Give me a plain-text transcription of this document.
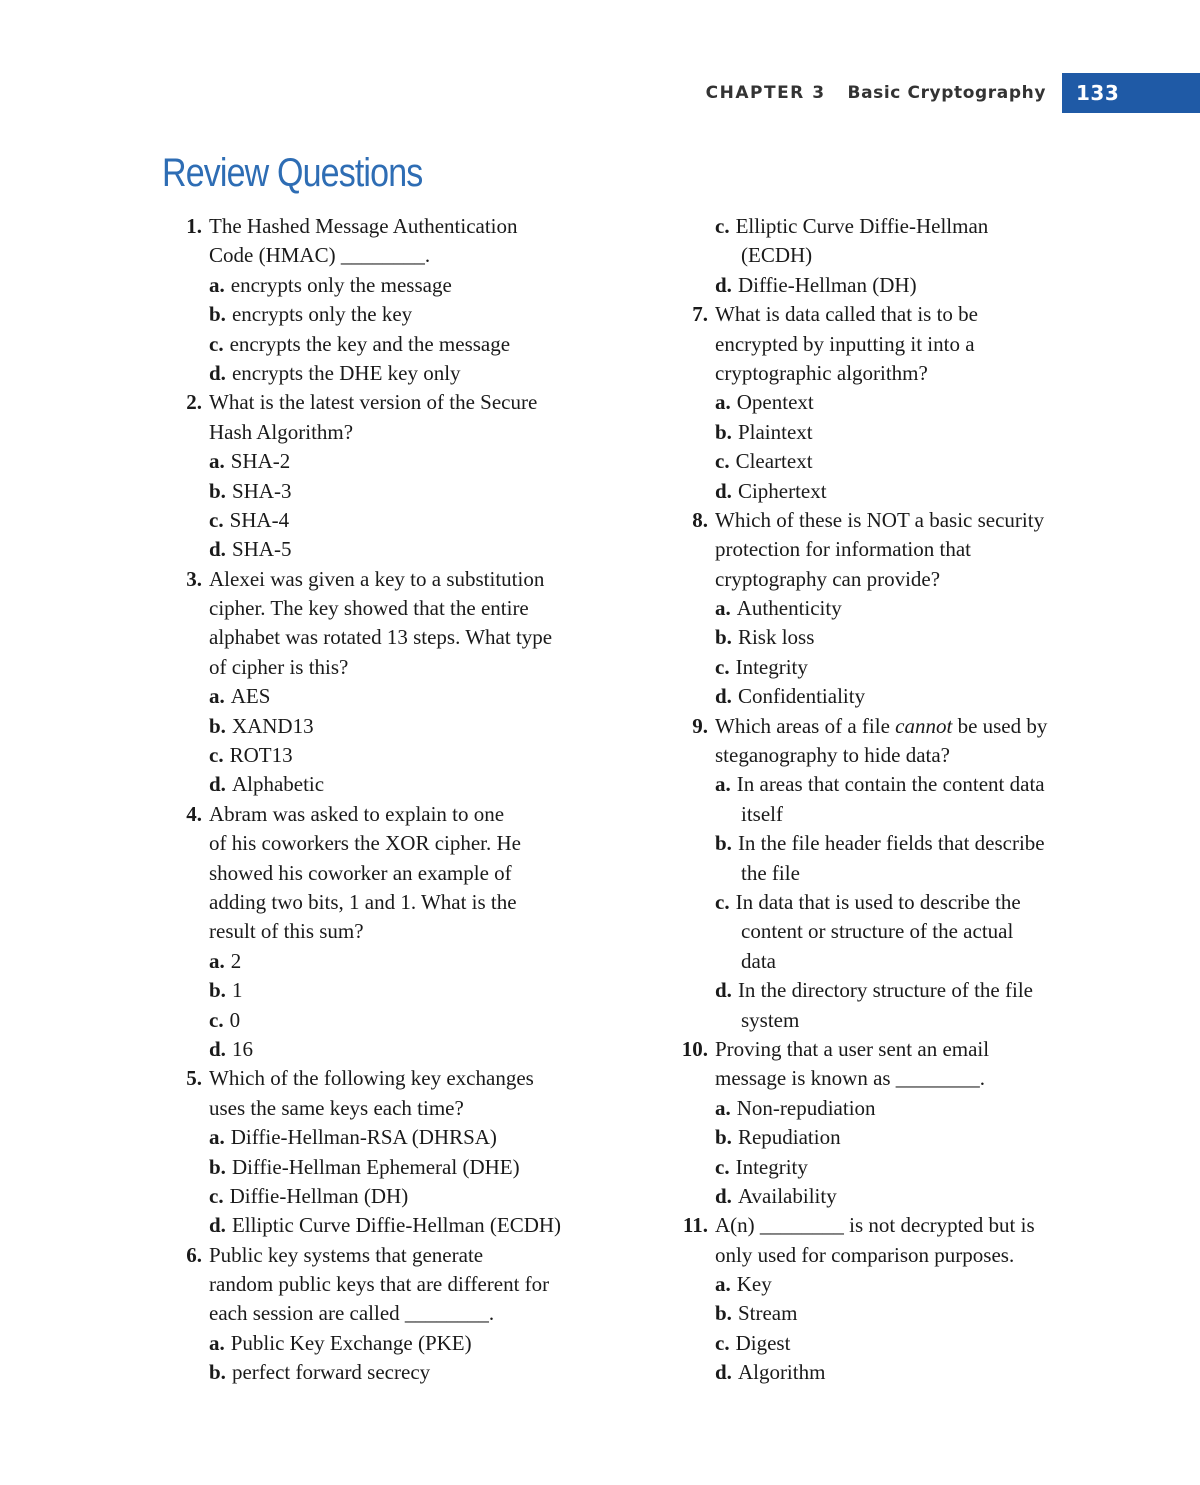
CHAPTER 3 Basic Cryptography	133
Review Questions
1. The Hashed Message Authentication
Code (HMAC) ________.
a. encrypts only the message
b. encrypts only the key
c. encrypts the key and the message
d. encrypts the DHE key only
2. What is the latest version of the Secure
Hash Algorithm?
a. SHA-2
b. SHA-3
c. SHA-4
d. SHA-5
3. Alexei was given a key to a substitution
cipher. The key showed that the entire
alphabet was rotated 13 steps. What type
of cipher is this?
a. AES
b. XAND13
c. ROT13
d. Alphabetic
4. Abram was asked to explain to one
of his coworkers the XOR cipher. He
showed his coworker an example of
adding two bits, 1 and 1. What is the
result of this sum?
a. 2
b. 1
c. 0
d. 16
5. Which of the following key exchanges
uses the same keys each time?
a. Diffie-Hellman-RSA (DHRSA)
b. Diffie-Hellman Ephemeral (DHE)
c. Diffie-Hellman (DH)
d. Elliptic Curve Diffie-Hellman (ECDH)
6. Public key systems that generate
random public keys that are different for
each session are called ________.
a. Public Key Exchange (PKE)
b. perfect forward secrecy
c. Elliptic Curve Diffie-Hellman
(ECDH)
d. Diffie-Hellman (DH)
7. What is data called that is to be
encrypted by inputting it into a
cryptographic algorithm?
a. Opentext
b. Plaintext
c. Cleartext
d. Ciphertext
8. Which of these is NOT a basic security
protection for information that
cryptography can provide?
a. Authenticity
b. Risk loss
c. Integrity
d. Confidentiality
9. Which areas of a file cannot be used by
steganography to hide data?
a. In areas that contain the content data
itself
b. In the file header fields that describe
the file
c. In data that is used to describe the
content or structure of the actual
data
d. In the directory structure of the file
system
10. Proving that a user sent an email
message is known as ________.
a. Non-repudiation
b. Repudiation
c. Integrity
d. Availability
11. A(n) ________ is not decrypted but is
only used for comparison purposes.
a. Key
b. Stream
c. Digest
d. Algorithm
